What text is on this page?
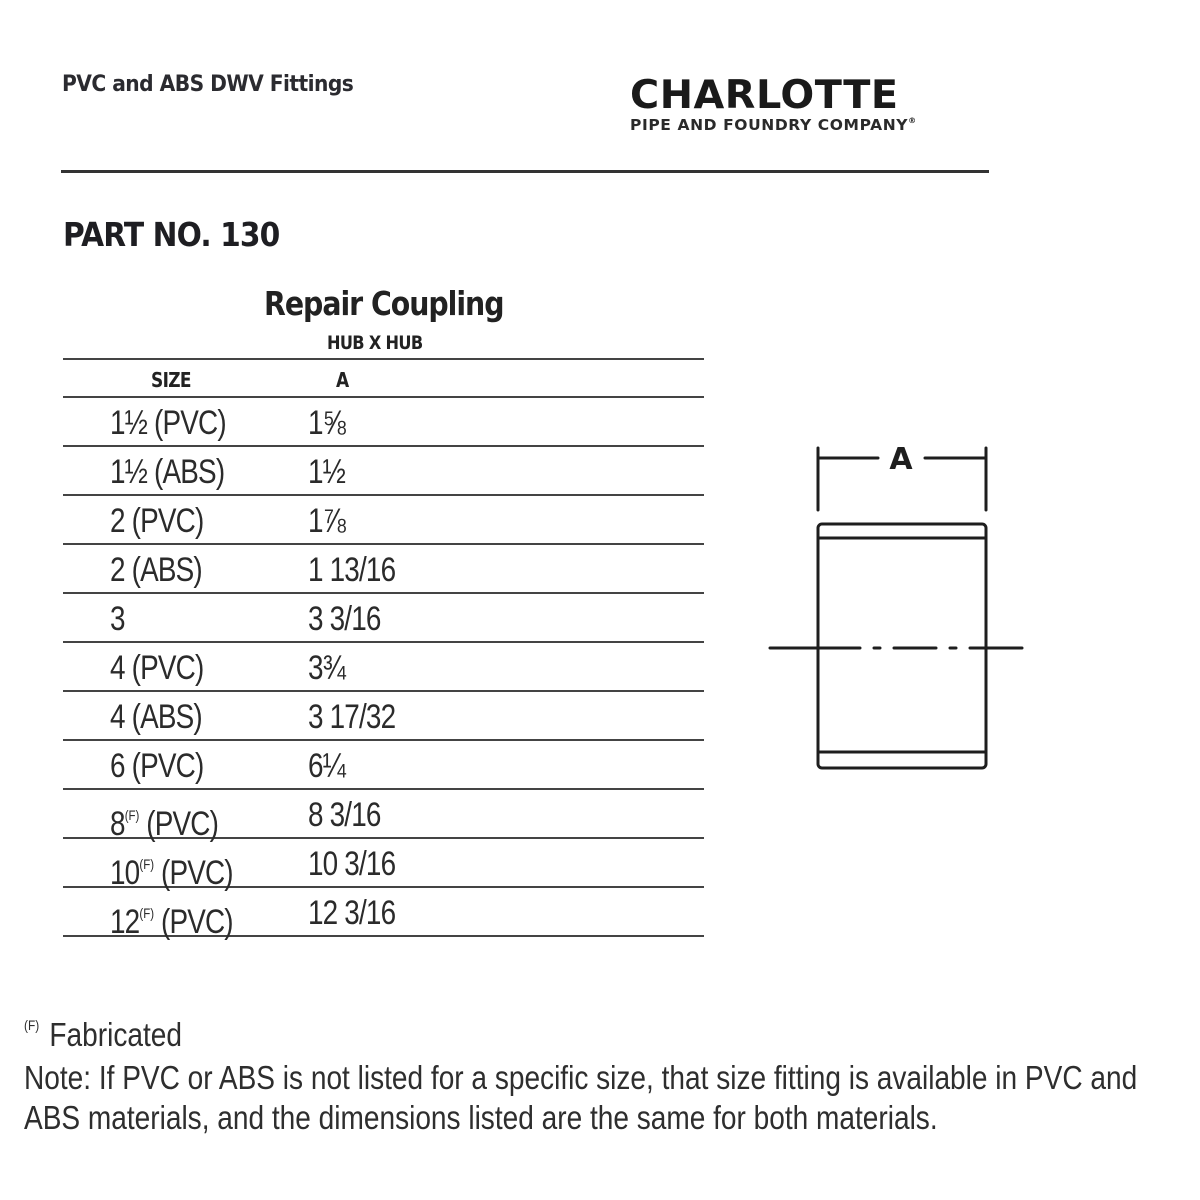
PVC and ABS DWV Fittings	CHARLOTTE
PIPE AND FOUNDRY COMPANY®
PART NO. 130
Repair Coupling
HUB X HUB
SIZE	A
1½ (PVC) 1⅝
1½ (ABS) 1½
2 (PVC)	1⅞
2 (ABS)	1 13/16
3	3 3/16
4 (PVC)	3¾
4 (ABS)	3 17/32
6 (PVC)	6¼
$8^{(F)}$ (PVC)	8 3/16
$10^{(F)}$ (PVC) 10 3/16
$12^{(F)}$ (PVC) 12 3/16
A
$^{(F)}$ Fabricated
Note: If PVC or ABS is not listed for a specific size, that size fitting is available in PVC and ABS materials, and the dimensions listed are the same for both materials.
